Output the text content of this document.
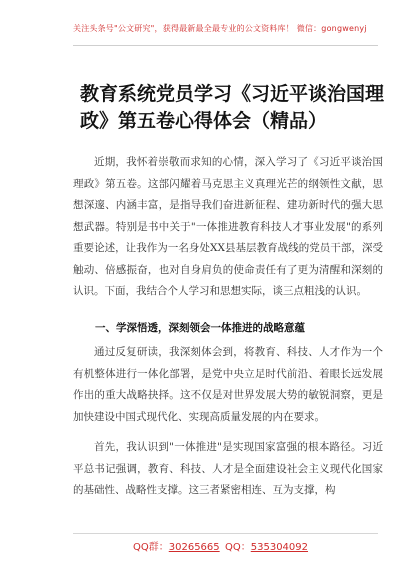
关注头条号"公文研究"，获得最新最全最专业的公文资料库！ 微信：gongwenyj
教育系统党员学习《习近平谈治国理
政》第五卷心得体会（精品）
近期，我怀着崇敬而求知的心情，深入学习了《习近平谈治国理政》第五卷。这部闪耀着马克思主义真理光芒的纲领性文献，思想深邃、内涵丰富，是指导我们奋进新征程、建功新时代的强大思想武器。特别是书中关于"一体推进教育科技人才事业发展"的系列重要论述，让我作为一名身处XX县基层教育战线的党员干部，深受触动、倍感振奋，也对自身肩负的使命责任有了更为清醒和深刻的认识。下面，我结合个人学习和思想实际，谈三点粗浅的认识。
一、学深悟透，深刻领会一体推进的战略意蕴
通过反复研读，我深刻体会到，将教育、科技、人才作为一个有机整体进行一体化部署，是党中央立足时代前沿、着眼长远发展作出的重大战略抉择。这不仅是对世界发展大势的敏锐洞察，更是加快建设中国式现代化、实现高质量发展的内在要求。
首先，我认识到"一体推进"是实现国家富强的根本路径。习近平总书记强调，教育、科技、人才是全面建设社会主义现代化国家的基础性、战略性支撑。这三者紧密相连、互为支撑，构
QQ群：30265665 QQ：535304092
